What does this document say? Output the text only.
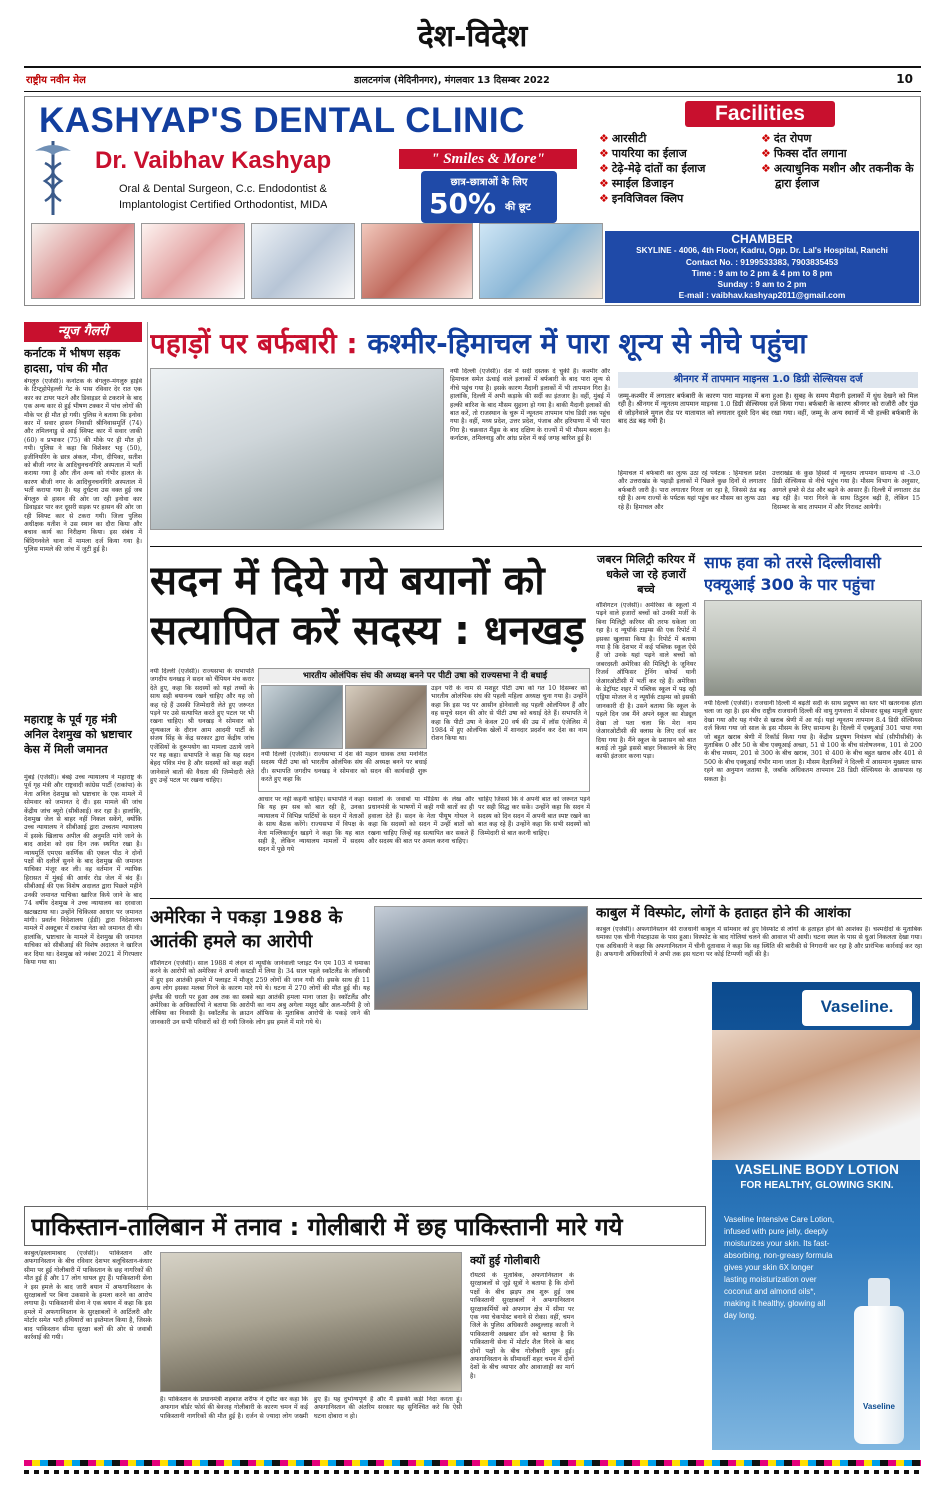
देश-विदेश
राष्ट्रीय नवीन मेल	डालटनगंज (मेदिनीनगर), मंगलवार 13 दिसम्बर 2022	10
KASHYAP'S DENTAL CLINIC
Dr. Vaibhav Kashyap
Oral & Dental Surgeon, C.c. Endodontist &
Implantologist Certified Orthodontist, MIDA
" Smiles & More"
छात्र-छात्राओं के लिए
50% की छूट
Facilities
❖ आरसीटी
❖ पायरिया का ईलाज
❖ टेढ़े-मेढ़े दांतों का ईलाज
❖ स्माईल डिजाइन
❖ इनविजिवल क्लिप
❖ दंत रोपण
❖ फिक्स दाँत लगाना
❖ अत्याधुनिक मशीन और तकनीक के द्वारा ईलाज
CHAMBER
SKYLINE - 4006, 4th Floor, Kadru, Opp. Dr. Lal's Hospital, Ranchi
Contact No. : 9199533383, 7903835453
Time : 9 am to 2 pm & 4 pm to 8 pm
Sunday : 9 am to 2 pm
E-mail : vaibhav.kashyap2011@gmail.com
न्यूज गैलरी
कर्नाटक में भीषण सड़क हादसा, पांच की मौत
बेंगलुरु (एजेंसी)। कर्नाटक के बेंगलुरु-मंगलुरु हाईवे के टिप्ट्होपेहल्ली गेट के पास रविवार देर रात एक कार का टायर फटने और डिवाइडर से टकराने के बाद एक अन्य कार से हुई भीषण टक्कर में पांच लोगों की मौके पर ही मौत हो गयी। पुलिस ने बताया कि इनोवा कार में सवार हासन निवासी श्रीनिवासमूर्ति (74) और तमिलनाडु से आई स्विफ्ट कार में सवार जाकी (60) व प्रभाकर (75) की मौके पर ही मौत हो गयी। पुलिस ने कहा कि विशेश्वर भट्ट (50), इजीनियरिंग के छात्र अंकल, मीना, दीपिका, सतीश को बीजी नगर के आदिचुनचनगिरि अस्पताल में भर्ती कराया गया है और तीन अन्य को गंभीर हालत के कारण बीजी नगर के आदिचुनचनगिरि अस्पताल में भर्ती कराया गया है। यह दुर्घटना उस वक्त हुई जब बेंगलुरु से हासन की ओर जा रही इनोवा कार डिवाइडर पार कर दूसरी सड़क पर हासन की ओर जा रही स्विफ्ट कार से टकरा गयी। जिला पुलिस अधीक्षक यतीश ने उस स्थान का दौरा किया और बचाव कार्य का निरीक्षण किया। इस संबंध में बिंदिगनवेले थाना में मामला दर्ज किया गया है। पुलिस मामले की जांच में जुटी हुई है।
महाराष्ट्र के पूर्व गृह मंत्री अनिल देशमुख को भ्रष्टाचार केस में मिली जमानत
मुंबई (एजेंसी)। बंबई उच्च न्यायालय ने महाराष्ट्र के पूर्व गृह मंत्री और राष्ट्रवादी कांग्रेस पार्टी (राकांपा) के नेता अनिल देशमुख को भ्रष्टाचार के एक मामले में सोमवार को जमानत दे दी। इस मामले की जांच केंद्रीय जांच ब्यूरो (सीबीआई) कर रहा है। हालांकि, देशमुख जेल से बाहर नहीं निकल सकेंगे, क्योंकि उच्च न्यायालय ने सीबीआई द्वारा उच्चतम न्यायालय में इसके खिलाफ अपील की अनुमति मांगे जाने के बाद आदेश को दस दिन तक स्थगित रखा है। न्यायमूर्ति एमएस कार्णिक की एकल पीठ ने दोनों पक्षों की दलीलें सुनने के बाद देशमुख की जमानत याचिका मंजूर कर ली। वह वर्तमान में न्यायिक हिरासत में मुंबई की आर्थर रोड जेल में बंद हैं। सीबीआई की एक विशेष अदालत द्वारा पिछले महीने उनकी जमानत याचिका खारिज किये जाने के बाद 74 वर्षीय देशमुख ने उच्च न्यायालय का दरवाजा खटखटाया था। उन्होंने चिकित्सा आधार पर जमानत मांगी। प्रवर्तन निदेशालय (ईडी) द्वारा निदेशालय मामले में अक्टूबर में राकांपा नेता को जमानत दी थी। हालांकि, भ्रष्टाचार के मामले में देशमुख की जमानत याचिका को सीबीआई की विशेष अदालत ने खारिज कर दिया था। देशमुख को नवंबर 2021 में गिरफ्तार किया गया था।
पहाड़ों पर बर्फबारी : कश्मीर-हिमाचल में पारा शून्य से नीचे पहुंचा
नयी दिल्ली (एजेंसी)। देश में सर्दी दस्तक दे चुकी है। कश्मीर और हिमाचल समेत ऊंचाई वाले इलाकों में बर्फबारी के बाद पारा शून्य से नीचे पहुंच गया है। इसके कारण मैदानी इलाकों में भी तापमान गिरा है। हालांकि, दिल्ली में अभी कड़ाके की सर्दी का इंतजार है। वहीं, मुंबई में हल्की बारिश के बाद मौसम सुहाना हो गया है। बाकी मैदानी इलाकों की बात करें, तो राजस्थान के चुरू में न्यूनतम तापमान पांच डिग्री तक पहुंच गया है। वहीं, मध्य प्रदेश, उत्तर प्रदेश, पंजाब और हरियाणा में भी पारा गिरा है। चक्रवात मैंडूस के बाद दक्षिण के राज्यों में भी मौसम बदला है। कर्नाटक, तमिलनाडु और आंध्र प्रदेश में कई जगह बारिश हुई है।
श्रीनगर में तापमान माइनस 1.0 डिग्री सेल्सियस दर्ज
जम्मू-कश्मीर में लगातार बर्फबारी के कारण पारा माइनस में बना हुआ है। सुबह के समय मैदानी इलाकों में धुंध देखने को मिल रही है। श्रीनगर में न्यूनतम तापमान माइनस 1.0 डिग्री सेल्सियस दर्ज किया गया। बर्फबारी के कारण श्रीनगर को राजौरी और पुंछ से जोड़नेवाले मुगल रोड पर यातायात को लगातार दूसरे दिन बंद रखा गया। वहीं, जम्मू के अन्य स्थानों में भी हल्की बर्फबारी के बाद ठंड बढ़ गयी है।
हिमाचल में बर्फबारी का लुत्फ उठा रहे पर्यटक : हिमाचल प्रदेश और उत्तराखंड के पहाड़ी इलाकों में पिछले कुछ दिनों से लगातार बर्फबारी जारी है। पारा लगातार गिरता जा रहा है, जिससे ठंड बढ़ रही है। अन्य राज्यों के पर्यटक यहां पहुंच कर मौसम का लुत्फ उठा रहे हैं। हिमाचल और
उत्तराखंड के कुछ हिस्सों में न्यूनतम तापमान सामान्य से -3.0 डिग्री सेल्सियस से नीचे पहुंच गया है। मौसम विभाग के अनुसार, आगले हफ्ते से ठंड और बढ़ने के आसार हैं। दिल्ली में लगातार ठंड बढ़ रही है। पारा गिरने के साथ ठिठुरन बढ़ी है, लेकिन 15 दिसम्बर के बाद तापमान में और गिरावट आयेगी।
सदन में दिये गये बयानों को सत्यापित करें सदस्य : धनखड़
नयी दिल्ली (एजेंसी)। राज्यसभा के सभापति जगदीप धनखड़ ने सदन को चैंपियन मंच करार देते हुए, कहा कि सदस्यों को यहां तथ्यों के साथ सही बयानन्य रखने चाहिए और यह जो कह रहे हैं उसकी जिम्मेदारी लेते हुए जरूरत पड़ने पर उसे सत्यापित करते हुए पटल पर भी रखना चाहिए। श्री धनखड़ ने सोमवार को शून्यकाल के दौरान आम आदमी पार्टी के संजय सिंह के केंद्र सरकार द्वारा केंद्रीय जांच एजेंसियों के दुरूपयोग का मामला उठाये जाने पर यह कहा। सभापति ने कहा कि यह सदन बेहद पवित्र मंच है और सदस्यों को कहा कहीं जानेवाले बातों की वैधता की जिम्मेदारी लेते हुए उन्हें पटल पर रखना चाहिए।
भारतीय ओलंपिक संघ की अध्यक्ष बनने पर पीटी उषा को राज्यसभा ने दी बधाई
नयी दिल्ली (एजेंसी)। राज्यसभा में देश की महान धावक तथा मनोनीत सदस्य पीटी उषा को भारतीय ओलंपिक संघ की अध्यक्ष बनने पर बधाई दी। सभापति जगदीप धनखड़ ने सोमवार को सदन की कार्यवाही शुरू करते हुए कहा कि
उड़न परी के नाम से मशहूर पीटी उषा को गत 10 दिसम्बर को भारतीय ओलंपिक संघ की पहली महिला अध्यक्ष चुना गया है। उन्होंने कहा कि इस पद पर आसीन होनेवाली वह पहली ओलंपियन हैं और वह समूचे सदन की ओर से पीटी उषा को बधाई देते हैं। सभापति ने कहा कि पीटी उषा ने केवल 20 वर्ष की उम्र में लॉस एंजेलिस में 1984 में हुए ओलंपिक खेलों में शानदार प्रदर्शन कर देश का नाम रोशन किया था।
आधार पर नहीं कहनी चाहिए। सभापति ने कहा कि यह हम सब को बात रही है, उनका न्यायालय में विभिन्न पार्टियों के सदन में नेताओं के साथ बैठक करेंगे। राज्यसभा में विपक्ष के नेता मल्लिकार्जुन खड़गे ने कहा कि यह बात सही है, लेकिन न्यायालय मामलों में सदस्य सदन में पूछे गये
सवालों के जवाबों या मीडिया के लेख और प्रधानमंत्री के भाषणों में कही गयी बातों का ही हवाला देते हैं। सदन के नेता पीयूष गोयल ने कहा कि सदस्यों को सदन में उन्हीं बातों को रखना चाहिए जिन्हें वह सत्यापित कर सकते हैं और सदस्य की बात पर अमल करना चाहिए।
चाहिए जिससे कि वे अपनी बात को जरूरत पड़ने पर सही सिद्ध कर सकें। उन्होंने कहा कि सदन में सदस्य को दिन सदन में अपनी बात स्पष्ट रखने का बात कह रहे हैं। उन्होंने कहा कि सभी सदस्यों को जिम्मेदारी से बात करनी चाहिए।
जबरन मिलिट्री करियर में धकेले जा रहे हजारों बच्चे
वॉशिंगटन (एजेंसी)। अमेरिका के स्कूलों में पढ़ने वाले हजारों बच्चों को उनकी मर्जी के बिना मिलिट्री करियर की तरफ धकेला जा रहा है। द न्यूयॉर्क टाइम्स की एक रिपोर्ट में इसका खुलासा किया है। रिपोर्ट में बताया गया है कि देशभर में कई पब्लिक स्कूल ऐसे हैं जो उनके यहां पढ़ने वाले बच्चों को जबरदस्ती अमेरिका की मिलिट्री के जूनियर रिजर्व ऑफिसर ट्रेनिंग कोर्प्स यानी जेआरओटीसी में भर्ती कर रहे हैं। अमेरिका के डेट्रॉयट शहर में पब्लिक स्कूल में पढ़ रही एड्रिया मोजल ने द न्यूयॉर्क टाइम्स को इसकी जानकारी दी है। उसने बताया कि स्कूल के पहले दिन जब मैंने अपने स्कूल का शेड्यूल देखा तो पता चला कि मेरा नाम जेआरओटीसी की क्लास के लिए दर्ज कर दिया गया है। मैंने स्कूल के प्रशासन को बात बताई तो मुझे इससे बाहर निकालने के लिए काफी इंतजार करना पड़ा।
साफ हवा को तरसे दिल्लीवासी एक्यूआई 300 के पार पहुंचा
नयी दिल्ली (एजेंसी)। राजधानी दिल्ली में बढ़ती सर्दी के साथ प्रदूषण का स्तर भी खतरनाक होता चला जा रहा है। इस बीच राष्ट्रीय राजधानी दिल्ली की वायु गुणवत्ता में सोमवार सुबह मामूली सुधार देखा गया और यह गंभीर से खराब श्रेणी में आ गई। यहां न्यूनतम तापमान 8.4 डिग्री सेल्सियस दर्ज किया गया जो साल के इस मौसम के लिए सामान्य है। दिल्ली में एक्यूआई 301 पाया गया जो बहुत खराब श्रेणी में रिकॉर्ड किया गया है। केंद्रीय प्रदूषण नियंत्रण बोर्ड (सीपीसीबी) के मुताबिक 0 और 50 के बीच एक्यूआई अच्छा, 51 से 100 के बीच संतोषजनक, 101 से 200 के बीच मध्यम, 201 से 300 के बीच खराब, 301 से 400 के बीच बहुत खराब और 401 से 500 के बीच एक्यूआई गंभीर माना जाता है। मौसम वैज्ञानिकों ने दिल्ली में आसमान मुख्यतः साफ रहने का अनुमान जताया है, जबकि अधिकतम तापमान 28 डिग्री सेल्सियस के आसपास रह सकता है।
अमेरिका ने पकड़ा 1988 के आतंकी हमले का आरोपी
वॉशिंगटन (एजेंसी)। साल 1988 में लंदन से न्यूयॉर्क जानेवाली प्लाइट पैन एम 103 में धमाका करने के आरोपी को अमेरिका ने अपनी कस्टडी में लिया है। 34 साल पहले स्कॉटलैंड के लॉकरबी में हुए इस आतंकी हमले में फ्लाइट में मौजूद 259 लोगों की जान गयी थी। इसके साथ ही 11 अन्य लोग इसका मलबा गिरने के कारण मारे गये थे। घटना में 270 लोगों की मौत हुई थी। यह इंग्लैंड की धरती पर हुआ अब तक का सबसे बड़ा आतंकी हमला माना जाता है। स्कॉटलैंड और अमेरिका के अधिकारियों ने बताया कि आरोपी का नाम अबु अगेला मसूद खीर अल-मरीमी है जो लीबिया का निवासी है। स्कॉटलैंड के क्राउन ऑफिस के मुताबिक आरोपी के पकड़े जाने की जानकारी उन सभी परिवारों को दी गयी जिनके लोग इस हमले में मारे गये थे।
काबुल में विस्फोट, लोगों के हताहत होने की आशंका
काबुल (एजेंसी)। अफगानिस्तान की राजधानी काबुल में सोमवार को हुए विस्फोट से लोगों के हताहत होने की आशंका है। चश्मदीदों के मुताबिक धमाका एक चीनी गेस्टहाउस के पास हुआ। विस्फोट के बाद गोलियां चलने की आवाज भी आयी। घटना स्थल के पास से धुआं निकलता देखा गया। एक अधिकारी ने कहा कि अफगानिस्तान में चीनी दूतावास ने कहा कि वह स्थिति की बारीकी से निगरानी कर रहा है और प्रारंभिक कार्रवाई कर रहा है। अफगानी अधिकारियों ने अभी तक इस घटना पर कोई टिप्पणी नहीं की है।
Vaseline.
VASELINE BODY LOTION
FOR HEALTHY, GLOWING SKIN.
Vaseline Intensive Care Lotion, infused with pure jelly, deeply moisturizes your skin. Its fast-absorbing, non-greasy formula gives your skin 6X longer lasting moisturization over coconut and almond oils*, making it healthy, glowing all day long.
Vaseline
पाकिस्तान-तालिबान में तनाव : गोलीबारी में छह पाकिस्तानी मारे गये
काबुल/इस्लामाबाद (एजेंसी)। पाकिस्तान और अफगानिस्तान के बीच रविवार देशभर बलूचिस्तान-कंधार सीमा पर हुई गोलीबारी में पाकिस्तान के छह नागरिकों की मौत हुई है और 17 लोग घायल हुए हैं। पाकिस्तानी सेना ने इस हमले के बाद जारी बयान में अफगानिस्तान के सुरक्षाबलों पर बिना उकसावे के हमला करने का आरोप लगाया है। पाकिस्तानी सेना ने एक बयान में कहा कि इस हमले में अफगानिस्तान के सुरक्षाबलों ने आर्टिलरी और मोर्टार समेत भारी हथियारों का इस्तेमाल किया है, जिसके बाद पाकिस्तान सीमा सुरक्षा बलों की ओर से जवाबी कार्रवाई की गयी।
है। पाकिस्तान के प्रधानमंत्री शहबाज शरीफ ने ट्वीट कर कहा कि अफगान बॉर्डर फोर्स की बेवजह गोलीबारी के कारण चमन में कई पाकिस्तानी नागरिकों की मौत हुई है। दर्जन से ज्यादा लोग जख्मी हुए हैं। यह दुर्भाग्यपूर्ण है और मैं इसकी कड़ी निंदा करता हूं। अफगानिस्तान की अंतरिम सरकार यह सुनिश्चित करे कि ऐसी घटना दोबारा न हो।
क्यों हुई गोलीबारी
रॉयटर्स के मुताबिक, अफगानिस्तान के सुरक्षाबलों से जुड़े सूत्रों ने बताया है कि दोनों पक्षों के बीच झड़प तब शुरू हुई जब पाकिस्तानी सुरक्षाबलों ने अफगानिस्तान सुरक्षाकर्मियों को अफगान क्षेत्र में सीमा पर एक नया चेकपोस्ट बनाने से रोका। वहीं, चमन जिले के पुलिस अधिकारी अब्दुल्लाह काजी ने पाकिस्तानी अखबार डॉन को बताया है कि पाकिस्तानी सेना में मोर्टार शैल गिरने के बाद दोनों पक्षों के बीच गोलीबारी शुरू हुई। अफगानिस्तान के सीमावर्ती शहर चमन में दोनों देशों के बीच व्यापार और आवाजाही का मार्ग है।
